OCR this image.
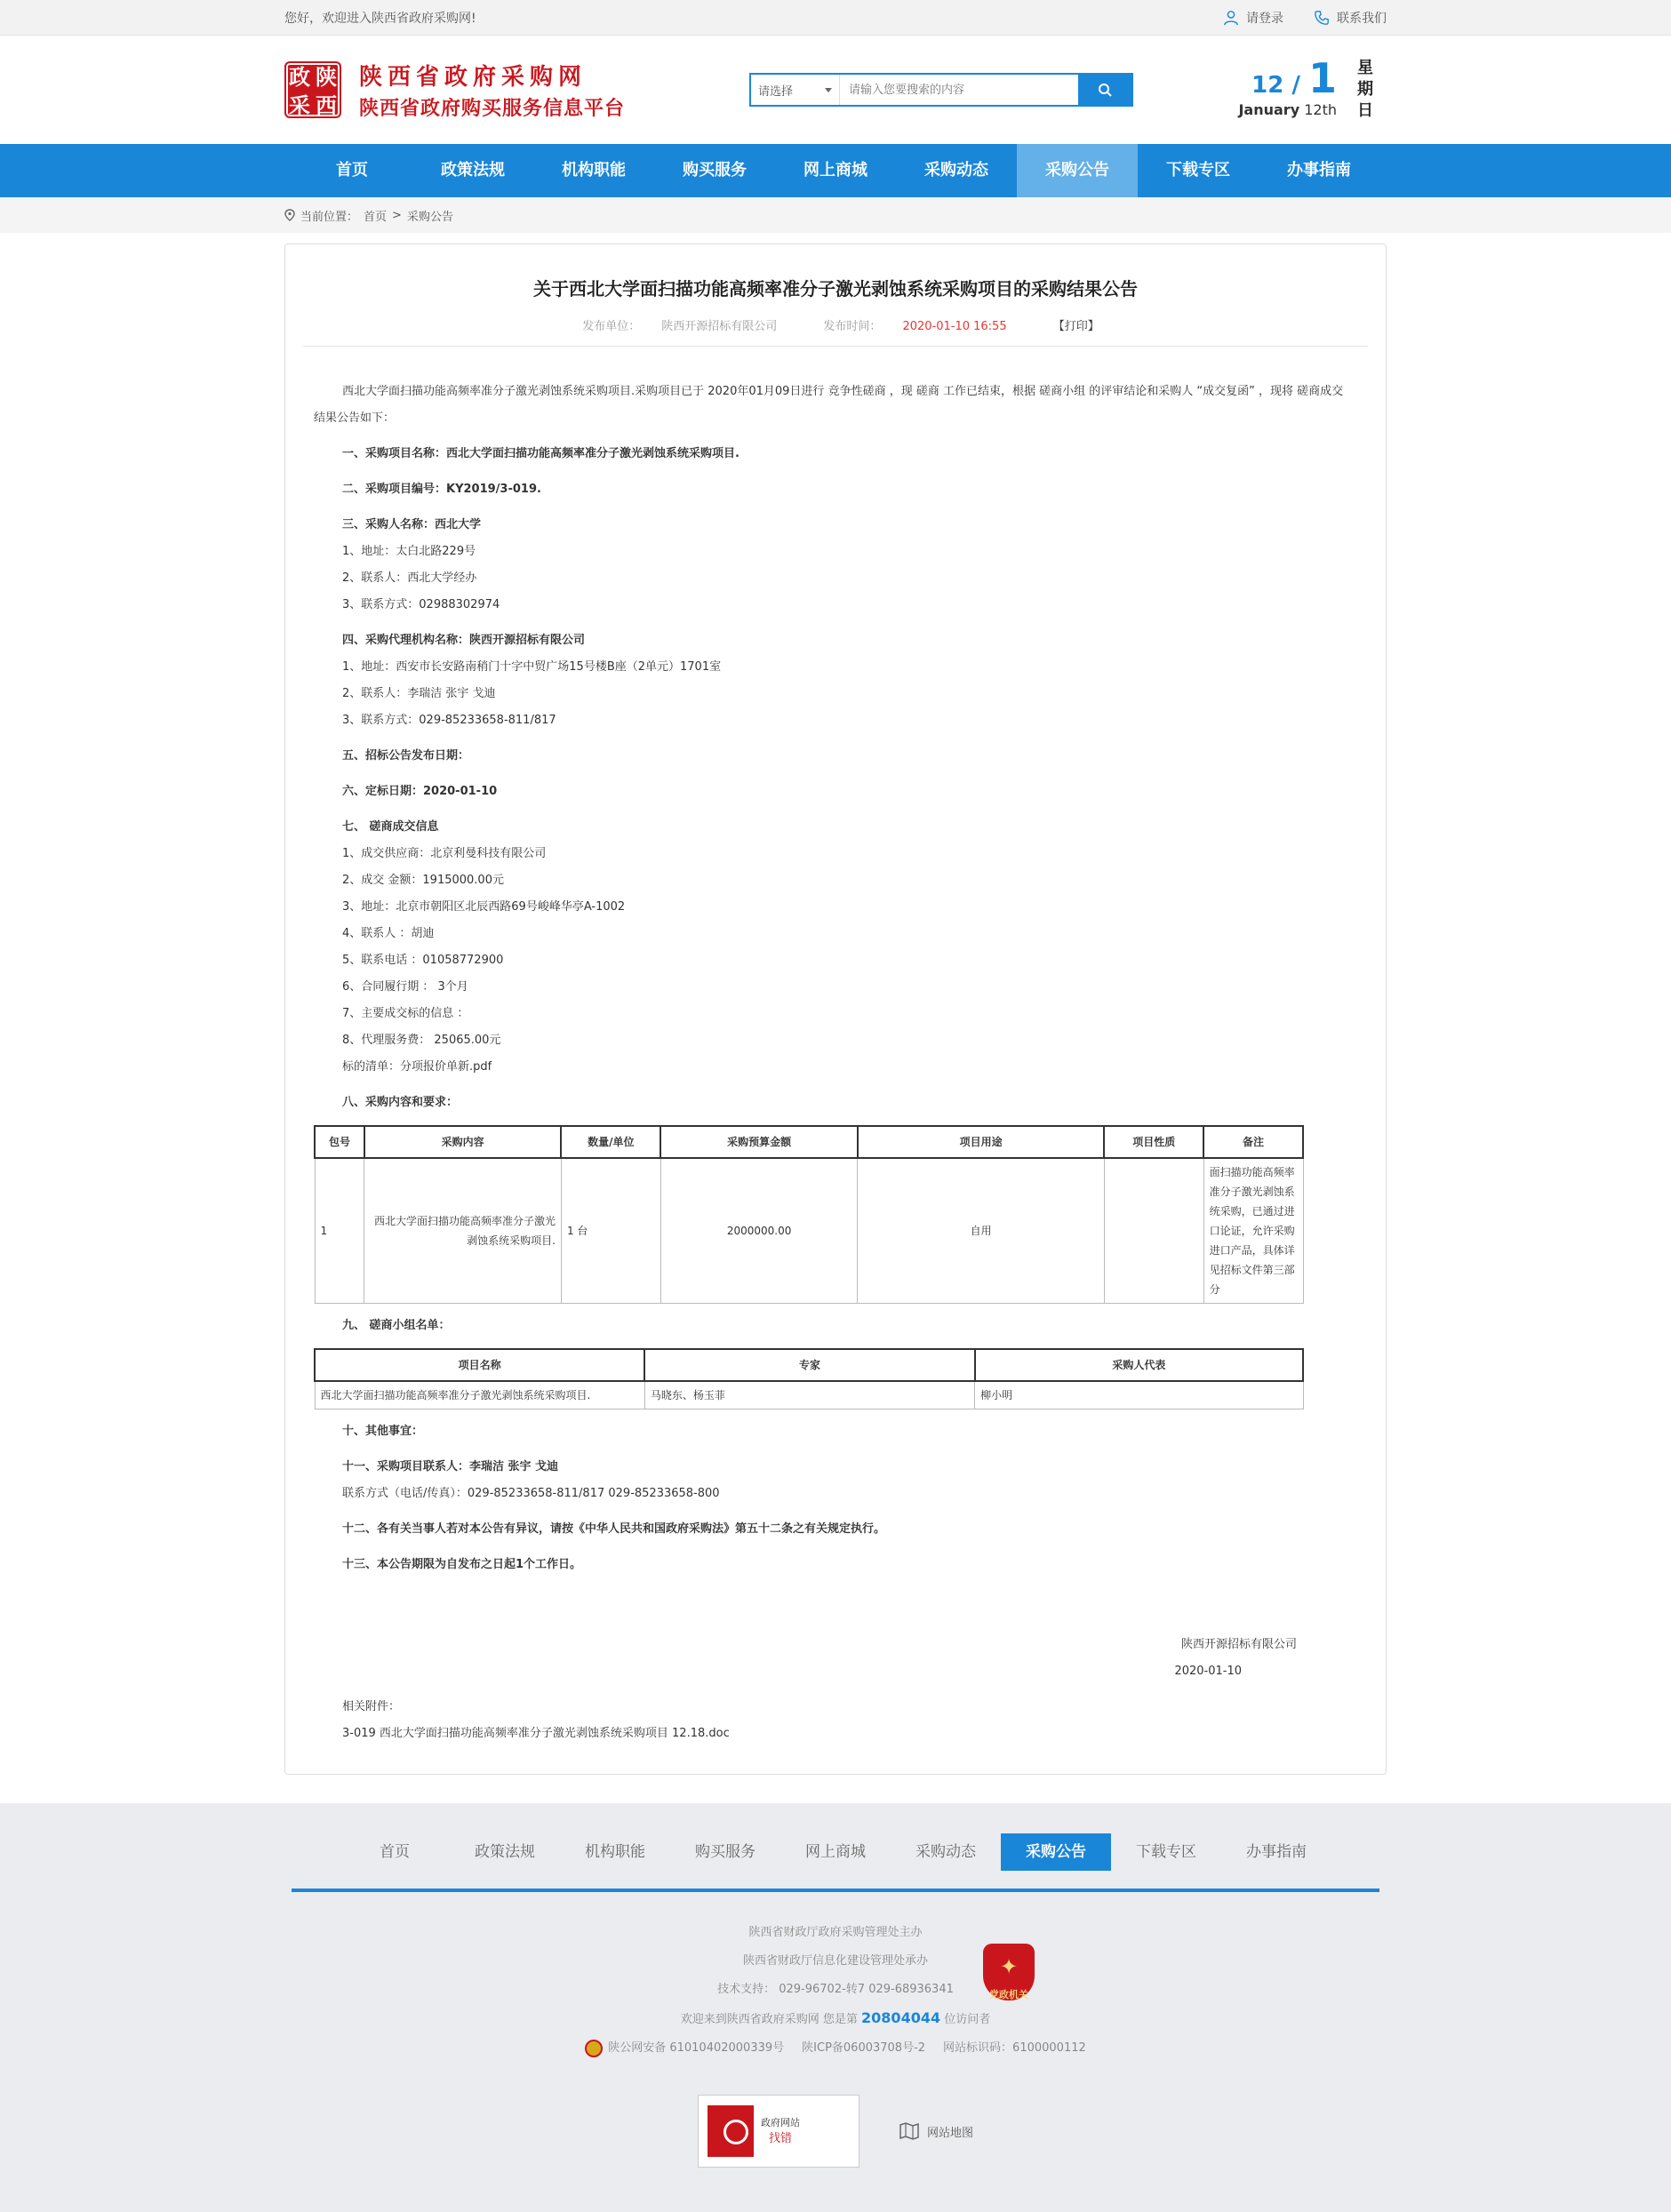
您好，欢迎进入陕西省政府采购网!	请登录	联系我们
政 陕
采 西
陕西省政府采购网
陕西省政府购买服务信息平台
请选择
请输入您要搜索的内容	12 / 1
January 12th
星
期
日
首页	政策法规	机构职能	购买服务	网上商城	采购动态	采购公告	下载专区	办事指南
当前位置： 首页 > 采购公告
关于西北大学面扫描功能高频率准分子激光剥蚀系统采购项目的采购结果公告
发布单位： 陕西开源招标有限公司	发布时间： 2020-01-10 16:55	【打印】

西北大学面扫描功能高频率准分子激光剥蚀系统采购项目.采购项目已于 2020年01月09日进行 竞争性磋商 ，现 磋商 工作已结束，根据 磋商小组 的评审结论和采购人 “成交复函” ，现将 磋商成交 结果公告如下：

一、采购项目名称：西北大学面扫描功能高频率准分子激光剥蚀系统采购项目.

二、采购项目编号：KY2019/3-019.

三、采购人名称：西北大学

1、地址：太白北路229号

2、联系人：西北大学经办

3、联系方式：02988302974

四、采购代理机构名称：陕西开源招标有限公司

1、地址：西安市长安路南稍门十字中贸广场15号楼B座（2单元）1701室

2、联系人：李瑞洁 张宇 戈迪

3、联系方式：029-85233658-811/817

五、招标公告发布日期：

六、定标日期：2020-01-10

七、 磋商成交信息

1、成交供应商：北京利曼科技有限公司

2、成交 金额：1915000.00元

3、地址：北京市朝阳区北辰西路69号峻峰华亭A-1002

4、联系人 ：胡迪

5、联系电话 ：01058772900

6、合同履行期 ： 3个月

7、主要成交标的信息 ：

8、代理服务费： 25065.00元

标的清单：分项报价单新.pdf

八、采购内容和要求：

包号	采购内容	数量/单位	采购预算金额	项目用途	项目性质	备注
1	西北大学面扫描功能高频率准分子激光剥蚀系统采购项目.	1 台	2000000.00	自用		面扫描功能高频率准分子激光剥蚀系统采购，已通过进口论证，允许采购进口产品，具体详见招标文件第三部分

九、 磋商小组名单：

项目名称	专家	采购人代表
西北大学面扫描功能高频率准分子激光剥蚀系统采购项目.	马晓东、杨玉菲	柳小明

十、其他事宜：

十一、采购项目联系人：李瑞洁 张宇 戈迪

联系方式（电话/传真）：029-85233658-811/817 029-85233658-800

十二、各有关当事人若对本公告有异议，请按《中华人民共和国政府采购法》第五十二条之有关规定执行。

十三、本公告期限为自发布之日起1个工作日。

陕西开源招标有限公司

2020-01-10

相关附件：

3-019 西北大学面扫描功能高频率准分子激光剥蚀系统采购项目 12.18.doc

首页	政策法规	机构职能	购买服务	网上商城	采购动态	采购公告	下载专区	办事指南
陕西省财政厅政府采购管理处主办
陕西省财政厅信息化建设管理处承办
技术支持： 029-96702-转7 029-68936341
欢迎来到陕西省政府采购网 您是第 20804044 位访问者
陕公网安备 61010402000339号 陕ICP备06003708号-2 网站标识码：6100000112
✦
党政机关
政府网站
找错	网站地图
